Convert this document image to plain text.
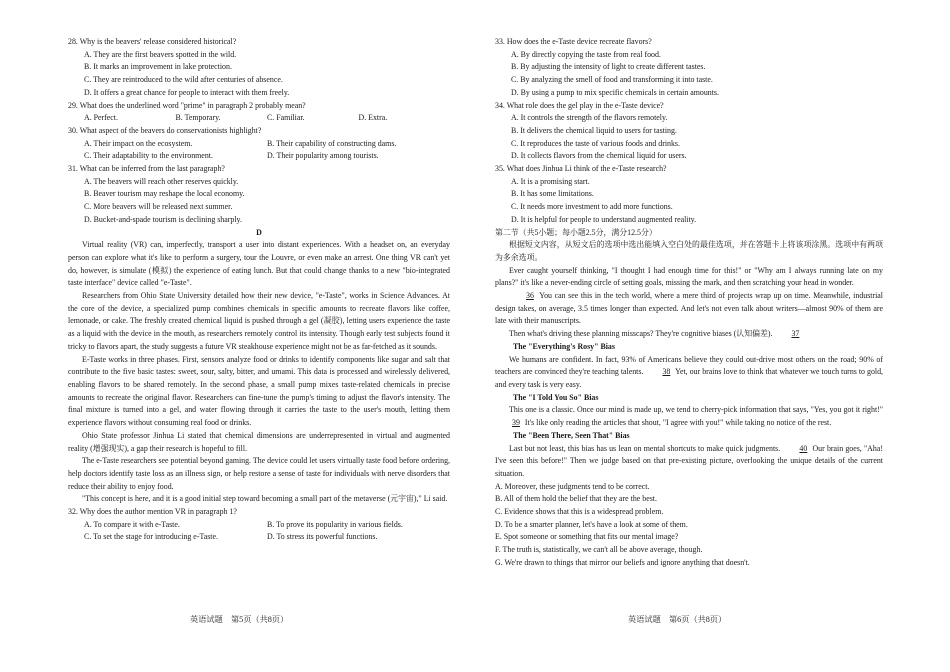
28. Why is the beavers' release considered historical?
A. They are the first beavers spotted in the wild.
B. It marks an improvement in lake protection.
C. They are reintroduced to the wild after centuries of absence.
D. It offers a great chance for people to interact with them freely.
29. What does the underlined word "prime" in paragraph 2 probably mean?
A. Perfect.	B. Temporary.	C. Familiar.	D. Extra.
30. What aspect of the beavers do conservationists highlight?
A. Their impact on the ecosystem.	B. Their capability of constructing dams.
C. Their adaptability to the environment.	D. Their popularity among tourists.
31. What can be inferred from the last paragraph?
A. The beavers will reach other reserves quickly.
B. Beaver tourism may reshape the local economy.
C. More beavers will be released next summer.
D. Bucket-and-spade tourism is declining sharply.
D
Virtual reality (VR) can, imperfectly, transport a user into distant experiences. With a headset on, an everyday person can explore what it's like to perform a surgery, tour the Louvre, or even make an arrest. One thing VR can't yet do, however, is simulate (模拟) the experience of eating lunch. But that could change thanks to a new "bio-integrated taste interface" device called "e-Taste".
Researchers from Ohio State University detailed how their new device, "e-Taste", works in Science Advances. At the core of the device, a specialized pump combines chemicals in specific amounts to recreate flavors like coffee, lemonade, or cake. The freshly created chemical liquid is pushed through a gel (凝胶), letting users experience the taste as a liquid with the device in the mouth, as researchers remotely control its intensity. Though early test subjects found it tricky to flavors apart, the study suggests a future VR steakhouse experience might not be as far-fetched as it sounds.
E-Taste works in three phases. First, sensors analyze food or drinks to identify components like sugar and salt that contribute to the five basic tastes: sweet, sour, salty, bitter, and umami. This data is processed and wirelessly delivered, enabling flavors to be shared remotely. In the second phase, a small pump mixes taste-related chemicals in precise amounts to recreate the original flavor. Researchers can fine-tune the pump's timing to adjust the flavor's intensity. The final mixture is turned into a gel, and water flowing through it carries the taste to the user's mouth, letting them experience flavors without consuming real food or drinks.
Ohio State professor Jinhua Li stated that chemical dimensions are underrepresented in virtual and augmented reality (增强现实), a gap their research is hopeful to fill.
The e-Taste researchers see potential beyond gaming. The device could let users virtually taste food before ordering, help doctors identify taste loss as an illness sign, or help restore a sense of taste for individuals with nerve disorders that reduce their ability to enjoy food.
"This concept is here, and it is a good initial step toward becoming a small part of the metaverse (元宇宙)," Li said.
32. Why does the author mention VR in paragraph 1?
A. To compare it with e-Taste.	B. To prove its popularity in various fields.
C. To set the stage for introducing e-Taste.	D. To stress its powerful functions.
33. How does the e-Taste device recreate flavors?
A. By directly copying the taste from real food.
B. By adjusting the intensity of light to create different tastes.
C. By analyzing the smell of food and transforming it into taste.
D. By using a pump to mix specific chemicals in certain amounts.
34. What role does the gel play in the e-Taste device?
A. It controls the strength of the flavors remotely.
B. It delivers the chemical liquid to users for tasting.
C. It reproduces the taste of various foods and drinks.
D. It collects flavors from the chemical liquid for users.
35. What does Jinhua Li think of the e-Taste research?
A. It is a promising start.
B. It has some limitations.
C. It needs more investment to add more functions.
D. It is helpful for people to understand augmented reality.
第二节（共5小题；每小题2.5分，满分12.5分）
根据短文内容，从短文后的选项中选出能填入空白处的最佳选项，并在答题卡上将该项涂黑。选项中有两项为多余选项。
Ever caught yourself thinking, "I thought I had enough time for this!" or "Why am I always running late on my plans?" it's like a never-ending circle of setting goals, missing the mark, and then scratching your head in wonder.
36 You can see this in the tech world, where a mere third of projects wrap up on time. Meanwhile, industrial design takes, on average, 3.5 times longer than expected. And let's not even talk about writers—almost 90% of them are late with their manuscripts.
Then what's driving these planning misscaps? They're cognitive biases (认知偏差). 37
The "Everything's Rosy" Bias
We humans are confident. In fact, 93% of Americans believe they could out-drive most others on the road; 90% of teachers are convinced they're teaching talents. 38 Yet, our brains love to think that whatever we touch turns to gold, and every task is very easy.
The "I Told You So" Bias
This one is a classic. Once our mind is made up, we tend to cherry-pick information that says, "Yes, you got it right!" 39 It's like only reading the articles that shout, "I agree with you!" while taking no notice of the rest.
The "Been There, Seen That" Bias
Last but not least, this bias has us lean on mental shortcuts to make quick judgments. 40 Our brain goes, "Aha! I've seen this before!" Then we judge based on that pre-existing picture, overlooking the unique details of the current situation.
A. Moreover, these judgments tend to be correct.
B. All of them hold the belief that they are the best.
C. Evidence shows that this is a widespread problem.
D. To be a smarter planner, let's have a look at some of them.
E. Spot someone or something that fits our mental image?
F. The truth is, statistically, we can't all be above average, though.
G. We're drawn to things that mirror our beliefs and ignore anything that doesn't.
英语试题　第5页（共8页）	英语试题　第6页（共8页）
